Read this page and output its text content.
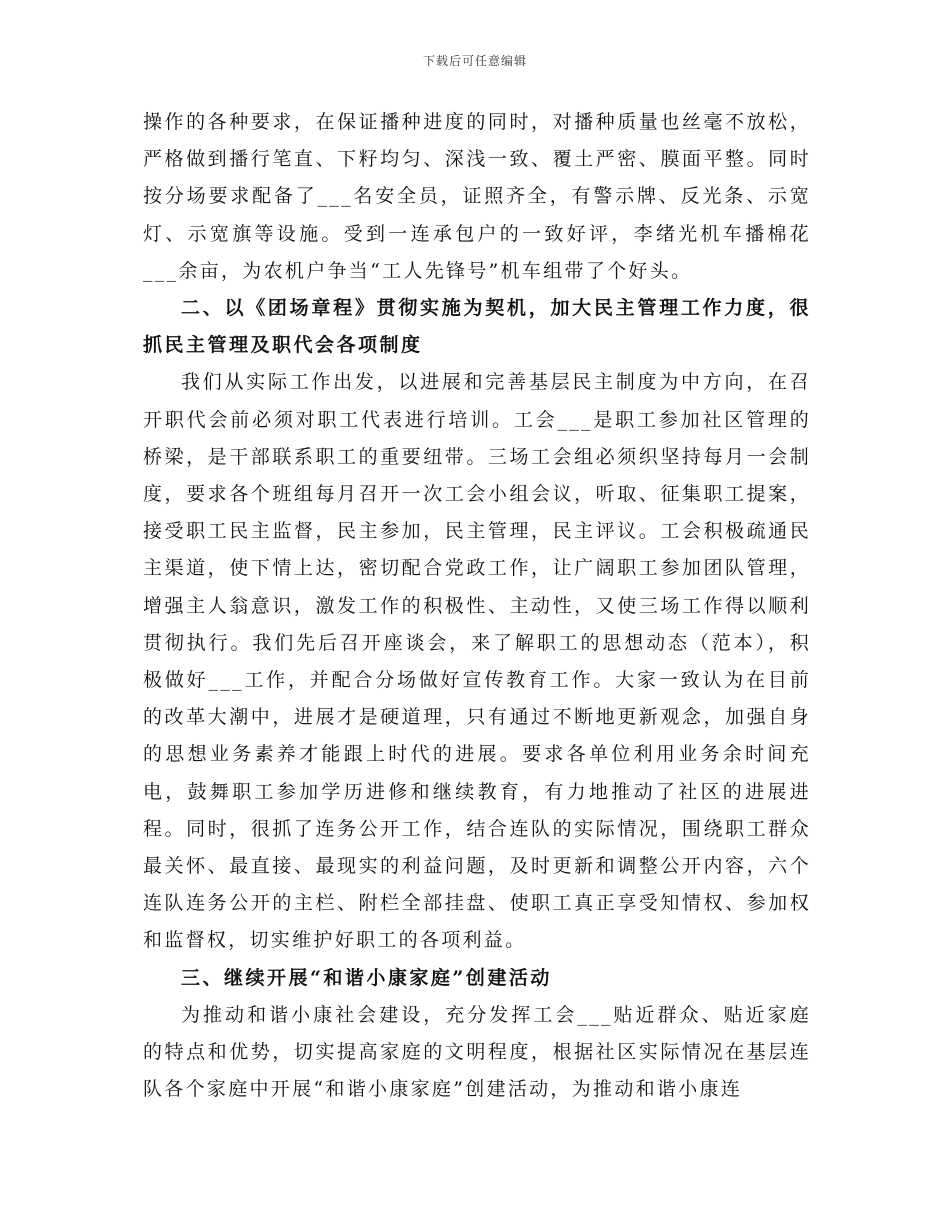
下载后可任意编辑

操作的各种要求，在保证播种进度的同时，对播种质量也丝毫不放松，严格做到播行笔直、下籽均匀、深浅一致、覆土严密、膜面平整。同时按分场要求配备了___名安全员，证照齐全，有警示牌、反光条、示宽灯、示宽旗等设施。受到一连承包户的一致好评，李绪光机车播棉花___余亩，为农机户争当“工人先锋号”机车组带了个好头。

二、以《团场章程》贯彻实施为契机，加大民主管理工作力度，很抓民主管理及职代会各项制度

我们从实际工作出发，以进展和完善基层民主制度为中方向，在召开职代会前必须对职工代表进行培训。工会___是职工参加社区管理的桥梁，是干部联系职工的重要纽带。三场工会组必须织坚持每月一会制度，要求各个班组每月召开一次工会小组会议，听取、征集职工提案，接受职工民主监督，民主参加，民主管理，民主评议。工会积极疏通民主渠道，使下情上达，密切配合党政工作，让广阔职工参加团队管理，增强主人翁意识，激发工作的积极性、主动性，又使三场工作得以顺利贯彻执行。我们先后召开座谈会，来了解职工的思想动态（范本），积极做好___工作，并配合分场做好宣传教育工作。大家一致认为在目前的改革大潮中，进展才是硬道理，只有通过不断地更新观念，加强自身的思想业务素养才能跟上时代的进展。要求各单位利用业务余时间充电，鼓舞职工参加学历进修和继续教育，有力地推动了社区的进展进程。同时，很抓了连务公开工作，结合连队的实际情况，围绕职工群众最关怀、最直接、最现实的利益问题，及时更新和调整公开内容，六个连队连务公开的主栏、附栏全部挂盘、使职工真正享受知情权、参加权和监督权，切实维护好职工的各项利益。

三、继续开展“和谐小康家庭”创建活动

为推动和谐小康社会建设，充分发挥工会___贴近群众、贴近家庭的特点和优势，切实提高家庭的文明程度，根据社区实际情况在基层连队各个家庭中开展“和谐小康家庭”创建活动，为推动和谐小康连
